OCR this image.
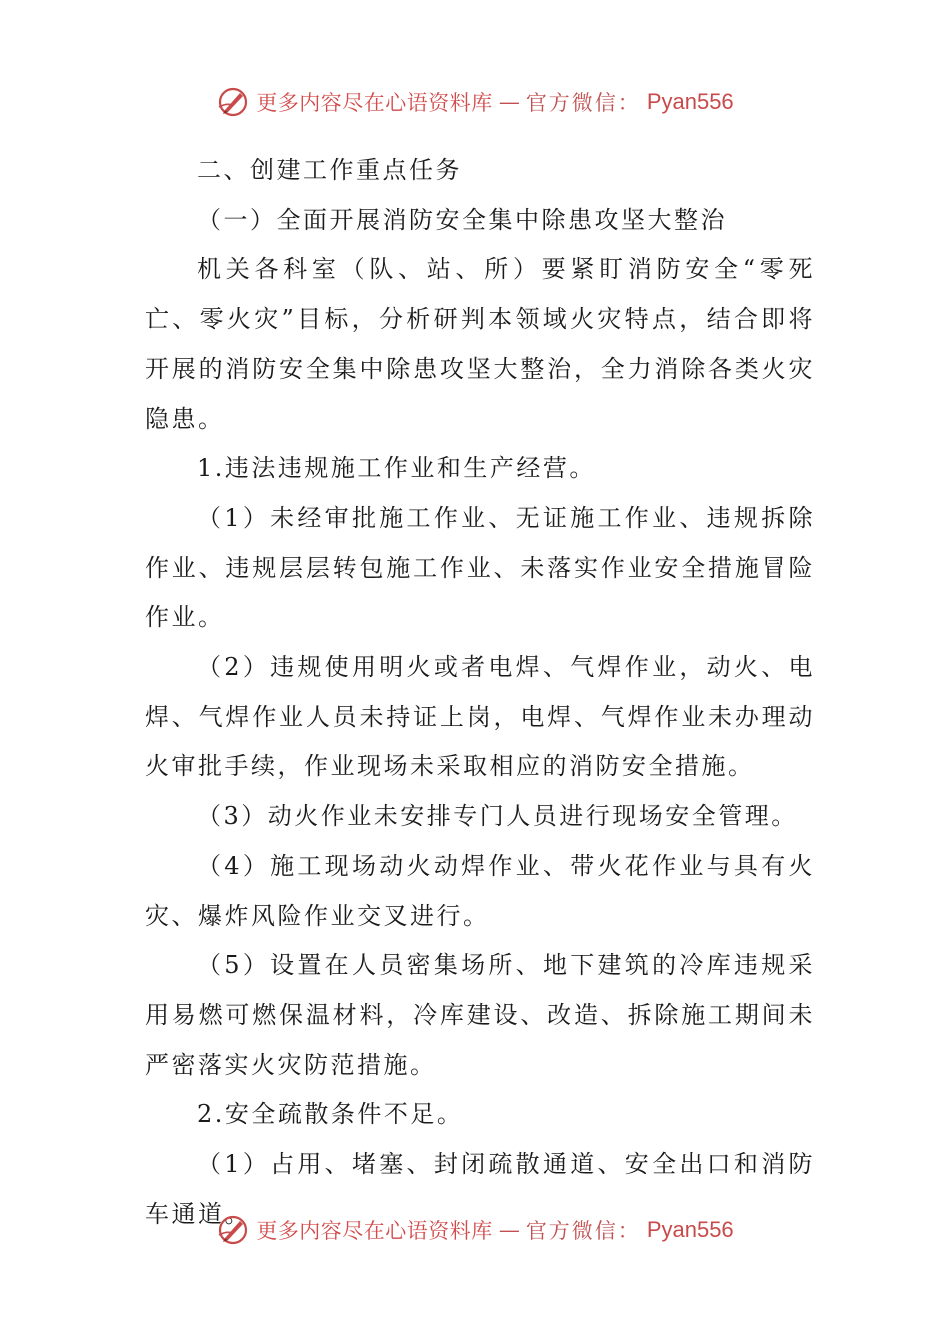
更多内容尽在心语资料库 — 官方微信： Pyan556

二、创建工作重点任务

（一）全面开展消防安全集中除患攻坚大整治

机关各科室（队、站、所）要紧盯消防安全“零死亡、零火灾”目标，分析研判本领域火灾特点，结合即将开展的消防安全集中除患攻坚大整治，全力消除各类火灾隐患。

1.违法违规施工作业和生产经营。

（1）未经审批施工作业、无证施工作业、违规拆除作业、违规层层转包施工作业、未落实作业安全措施冒险作业。

（2）违规使用明火或者电焊、气焊作业，动火、电焊、气焊作业人员未持证上岗，电焊、气焊作业未办理动火审批手续，作业现场未采取相应的消防安全措施。

（3）动火作业未安排专门人员进行现场安全管理。

（4）施工现场动火动焊作业、带火花作业与具有火灾、爆炸风险作业交叉进行。

（5）设置在人员密集场所、地下建筑的冷库违规采用易燃可燃保温材料，冷库建设、改造、拆除施工期间未严密落实火灾防范措施。

2.安全疏散条件不足。

（1）占用、堵塞、封闭疏散通道、安全出口和消防车通道。

更多内容尽在心语资料库 — 官方微信： Pyan556
